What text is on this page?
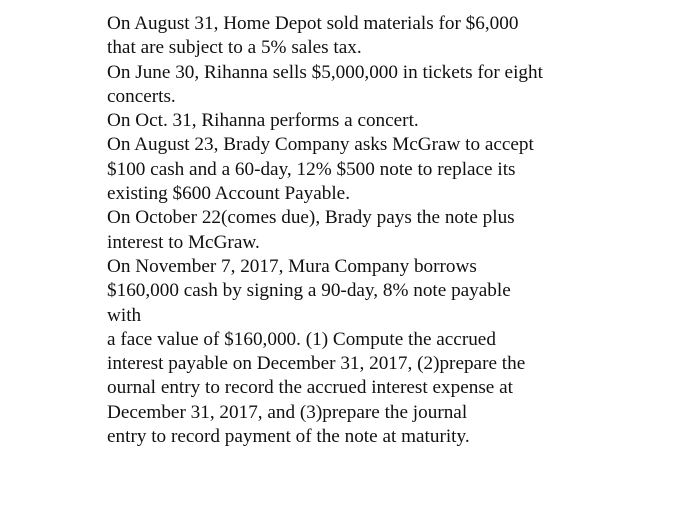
On August 31, Home Depot sold materials for $6,000
that are subject to a 5% sales tax.
On June 30, Rihanna sells $5,000,000 in tickets for eight
concerts.
On Oct. 31, Rihanna performs a concert.
On August 23, Brady Company asks McGraw to accept
$100 cash and a 60-day, 12% $500 note to replace its
existing $600 Account Payable.
On October 22(comes due), Brady pays the note plus
interest to McGraw.
On November 7, 2017, Mura Company borrows
$160,000 cash by signing a 90-day, 8% note payable
with
a face value of $160,000. (1) Compute the accrued
interest payable on December 31, 2017, (2)prepare the
ournal entry to record the accrued interest expense at
December 31, 2017, and (3)prepare the journal
entry to record payment of the note at maturity.
